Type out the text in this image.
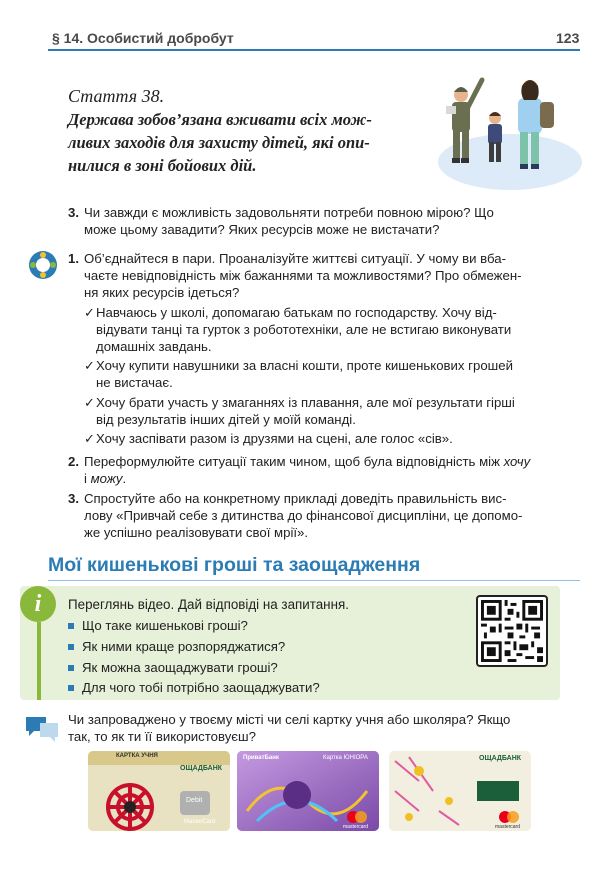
§ 14. Особистий добробут	123
Стаття 38.
Держава зобов’язана вживати всіх мож-
ливих заходів для захисту дітей, які опи-
нилися в зоні бойових дій.
3. Чи завжди є можливість задовольняти потреби повною мірою? Що
може цьому завадити? Яких ресурсів може не вистачати?
1. Об’єднайтеся в пари. Проаналізуйте життєві ситуації. У чому ви вба-
чаєте невідповідність між бажаннями та можливостями? Про обмежен-
ня яких ресурсів ідеться?
✓ Навчаюсь у школі, допомагаю батькам по господарству. Хочу від-
відувати танці та гурток з робототехніки, але не встигаю виконувати
домашніх завдань.
✓ Хочу купити навушники за власні кошти, проте кишенькових грошей
не вистачає.
✓ Хочу брати участь у змаганнях із плавання, але мої результати гірші
від результатів інших дітей у моїй команді.
✓ Хочу заспівати разом із друзями на сцені, але голос «сів».
2. Переформулюйте ситуації таким чином, щоб була відповідність між хочу
і можу.
3. Спростуйте або на конкретному прикладі доведіть правильність вис-
лову «Привчай себе з дитинства до фінансової дисципліни, це допомо-
же успішно реалізовувати свої мрії».
Мої кишенькові гроші та заощадження
i	Переглянь відео. Дай відповіді на запитання.
Що таке кишенькові гроші?
Як ними краще розпоряджатися?
Як можна заощаджувати гроші?
Для чого тобі потрібно заощаджувати?
Чи запроваджено у твоєму місті чи селі картку учня або школяра? Якщо
так, то як ти її використовуєш?
КАРТКА УЧНЯ
ОЩАДБАНК
Debit
MasterCard
ПриватБанк	Картка ЮНІОРА
mastercard
ОЩАДБАНК
mastercard
